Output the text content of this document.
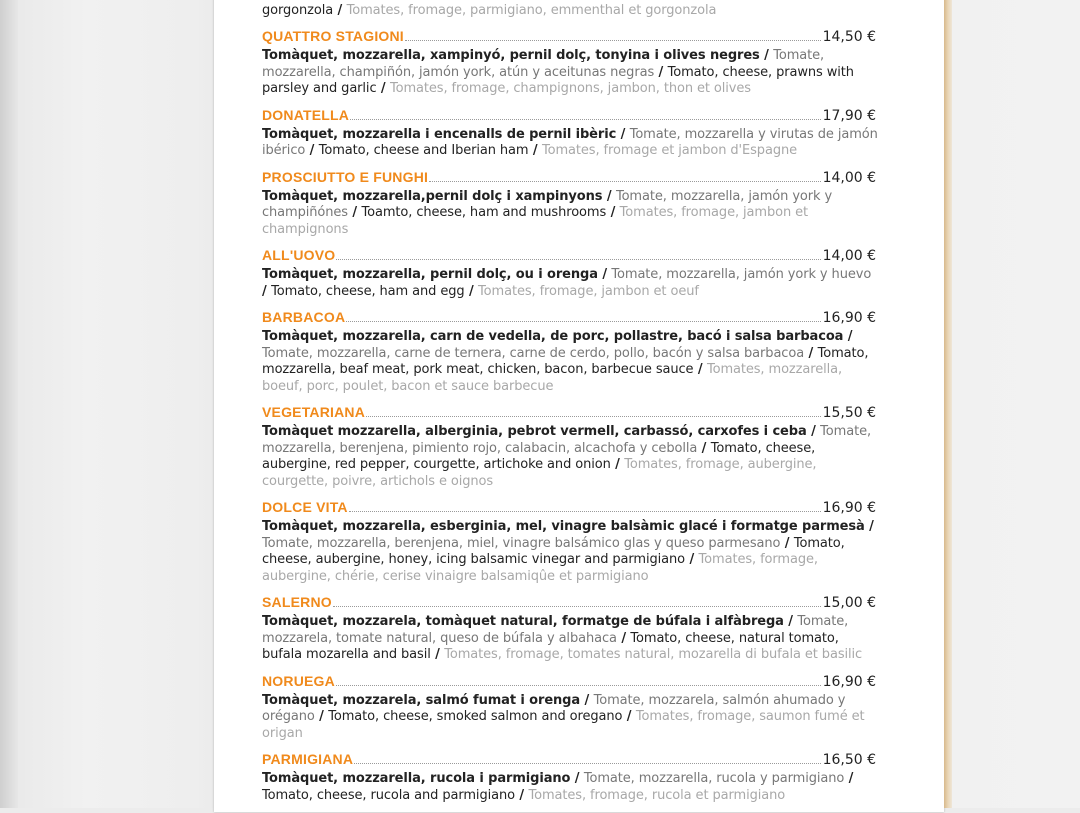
gorgonzola / Tomates, fromage, parmigiano, emmenthal et gorgonzola
QUATTRO STAGIONI	14,50 €
Tomàquet, mozzarella, xampinyó, pernil dolç, tonyina i olives negres / Tomate, mozzarella, champiñón, jamón york, atún y aceitunas negras / Tomato, cheese, prawns with parsley and garlic / Tomates, fromage, champignons, jambon, thon et olives
DONATELLA	17,90 €
Tomàquet, mozzarella i encenalls de pernil ibèric / Tomate, mozzarella y virutas de jamón ibérico / Tomato, cheese and Iberian ham / Tomates, fromage et jambon d'Espagne
PROSCIUTTO E FUNGHI	14,00 €
Tomàquet, mozzarella,pernil dolç i xampinyons / Tomate, mozzarella, jamón york y champiñónes / Toamto, cheese, ham and mushrooms / Tomates, fromage, jambon et champignons
ALL'UOVO	14,00 €
Tomàquet, mozzarella, pernil dolç, ou i orenga / Tomate, mozzarella, jamón york y huevo / Tomato, cheese, ham and egg / Tomates, fromage, jambon et oeuf
BARBACOA	16,90 €
Tomàquet, mozzarella, carn de vedella, de porc, pollastre, bacó i salsa barbacoa / Tomate, mozzarella, carne de ternera, carne de cerdo, pollo, bacón y salsa barbacoa / Tomato, mozzarella, beaf meat, pork meat, chicken, bacon, barbecue sauce / Tomates, mozzarella, boeuf, porc, poulet, bacon et sauce barbecue
VEGETARIANA	15,50 €
Tomàquet mozzarella, alberginia, pebrot vermell, carbassó, carxofes i ceba / Tomate, mozzarella, berenjena, pimiento rojo, calabacin, alcachofa y cebolla / Tomato, cheese, aubergine, red pepper, courgette, artichoke and onion / Tomates, fromage, aubergine, courgette, poivre, artichols e oignos
DOLCE VITA	16,90 €
Tomàquet, mozzarella, esberginia, mel, vinagre balsàmic glacé i formatge parmesà / Tomate, mozzarella, berenjena, miel, vinagre balsámico glas y queso parmesano / Tomato, cheese, aubergine, honey, icing balsamic vinegar and parmigiano / Tomates, formage, aubergine, chérie, cerise vinaigre balsamiqûe et parmigiano
SALERNO	15,00 €
Tomàquet, mozzarela, tomàquet natural, formatge de búfala i alfàbrega / Tomate, mozzarela, tomate natural, queso de búfala y albahaca / Tomato, cheese, natural tomato, bufala mozarella and basil / Tomates, fromage, tomates natural, mozarella di bufala et basilic
NORUEGA	16,90 €
Tomàquet, mozzarela, salmó fumat i orenga / Tomate, mozzarela, salmón ahumado y orégano / Tomato, cheese, smoked salmon and oregano / Tomates, fromage, saumon fumé et origan
PARMIGIANA	16,50 €
Tomàquet, mozzarella, rucola i parmigiano / Tomate, mozzarella, rucola y parmigiano / Tomato, cheese, rucola and parmigiano / Tomates, fromage, rucola et parmigiano
